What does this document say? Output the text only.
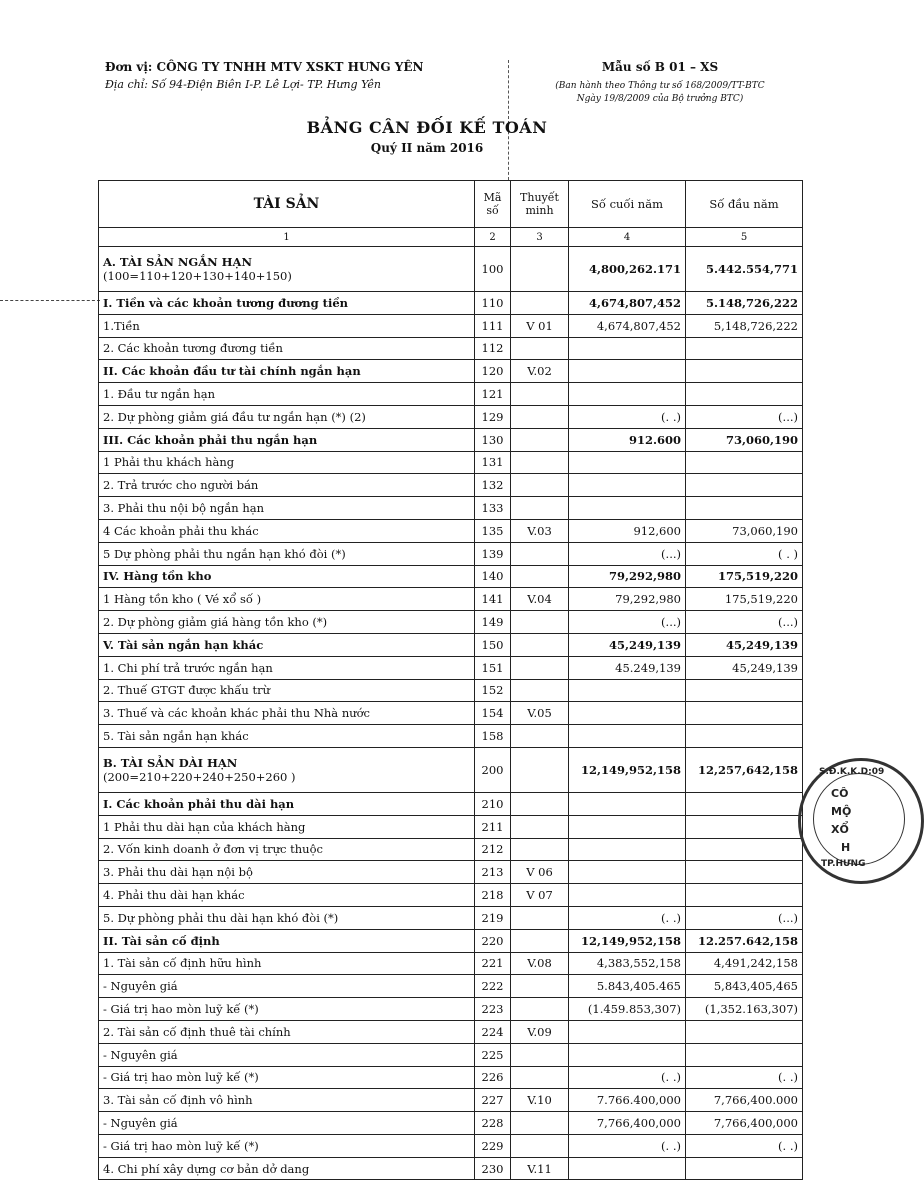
Đơn vị: CÔNG TY TNHH MTV XSKT HƯNG YÊN
Địa chỉ: Số 94-Điện Biên I-P. Lê Lợi- TP. Hưng Yên
Mẫu số B 01 – XS
(Ban hành theo Thông tư số 168/2009/TT-BTC
Ngày 19/8/2009 của Bộ trưởng BTC)
BẢNG CÂN ĐỐI KẾ TOÁN
Quý II năm 2016
TÀI SẢN	Mã số	Thuyết minh	Số cuối năm	Số đầu năm
1	2	3	4	5

A. TÀI SẢN NGẮN HẠN
(100=110+120+130+140+150)	100		4,800,262.171	5.442.554,771

I. Tiền và các khoản tương đương tiền	110		4,674,807,452	5.148,726,222

1.Tiền	111	V 01	4,674,807,452	5,148,726,222

2. Các khoản tương đương tiền	112			

II. Các khoản đầu tư tài chính ngắn hạn	120	V.02		

1. Đầu tư ngắn hạn	121			

2. Dự phòng giảm giá đầu tư ngắn hạn (*) (2)	129		(. .)	(...)

III. Các khoản phải thu ngắn hạn	130		912.600	73,060,190

1 Phải thu khách hàng	131			

2. Trả trước cho người bán	132			

3. Phải thu nội bộ ngắn hạn	133			

4 Các khoản phải thu khác	135	V.03	912,600	73,060,190

5 Dự phòng phải thu ngắn hạn khó đòi (*)	139		(...)	( . )

IV. Hàng tồn kho	140		79,292,980	175,519,220

1 Hàng tồn kho ( Vé xổ số )	141	V.04	79,292,980	175,519,220

2. Dự phòng giảm giá hàng tồn kho (*)	149		(...)	(...)

V. Tài sản ngắn hạn khác	150		45,249,139	45,249,139

1. Chi phí trả trước ngắn hạn	151		45.249,139	45,249,139

2. Thuế GTGT được khấu trừ	152			

3. Thuế và các khoản khác phải thu Nhà nước	154	V.05		

5. Tài sản ngắn hạn khác	158			

B. TÀI SẢN DÀI HẠN
(200=210+220+240+250+260 )	200		12,149,952,158	12,257,642,158

I. Các khoản phải thu dài hạn	210			

1 Phải thu dài hạn của khách hàng	211			

2. Vốn kinh doanh ở đơn vị trực thuộc	212			

3. Phải thu dài hạn nội bộ	213	V 06		

4. Phải thu dài hạn khác	218	V 07		

5. Dự phòng phải thu dài hạn khó đòi (*)	219		(. .)	(...)

II. Tài sản cố định	220		12,149,952,158	12.257.642,158

1. Tài sản cố định hữu hình	221	V.08	4,383,552,158	4,491,242,158

- Nguyên giá	222		5.843,405.465	5,843,405,465

- Giá trị hao mòn luỹ kế (*)	223		(1.459.853,307)	(1,352.163,307)

2. Tài sản cố định thuê tài chính	224	V.09		

- Nguyên giá	225			

- Giá trị hao mòn luỹ kế (*)	226		(. .)	(. .)

3. Tài sản cố định vô hình	227	V.10	7.766.400,000	7,766,400.000

- Nguyên giá	228		7,766,400,000	7,766,400,000

- Giá trị hao mòn luỹ kế (*)	229		(. .)	(. .)

4. Chi phí xây dựng cơ bản dở dang	230	V.11		
S.Đ.K.K.D:09
CÔ
MỘ
XỔ
H
TP.HƯNG
